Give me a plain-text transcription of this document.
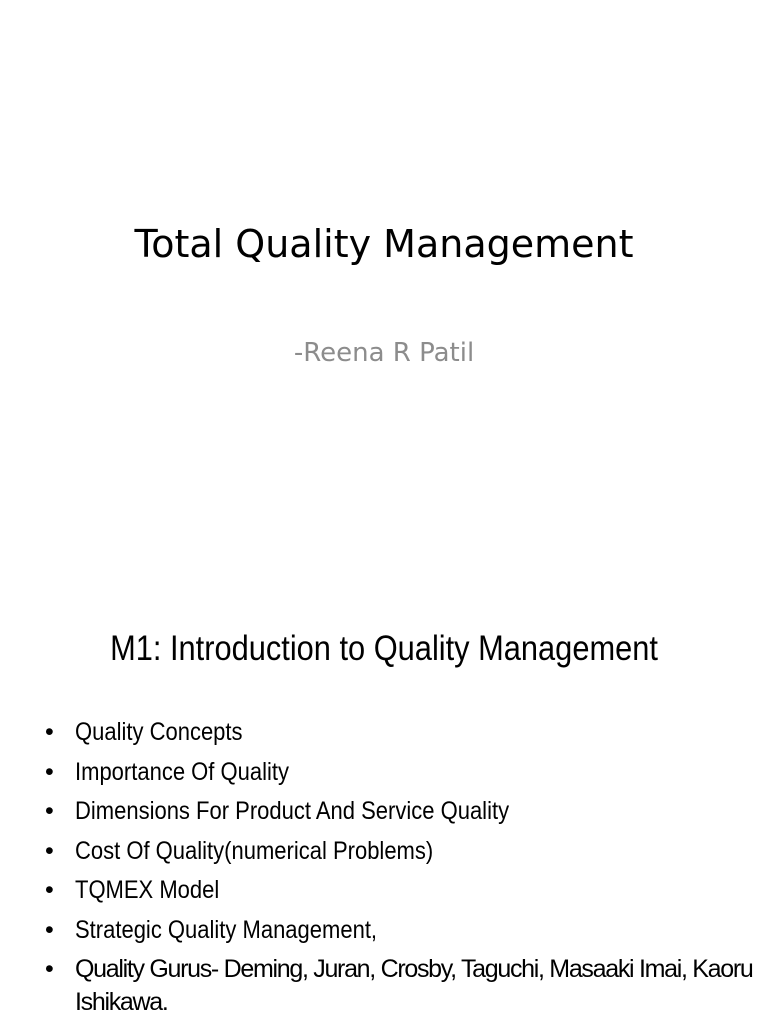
Total Quality Management
-Reena R Patil
M1: Introduction to Quality Management
• Quality Concepts
• Importance Of Quality
• Dimensions For Product And Service Quality
• Cost Of Quality(numerical Problems)
• TQMEX Model
• Strategic Quality Management,
• Quality Gurus- Deming, Juran, Crosby, Taguchi, Masaaki Imai, Kaoru Ishikawa.
